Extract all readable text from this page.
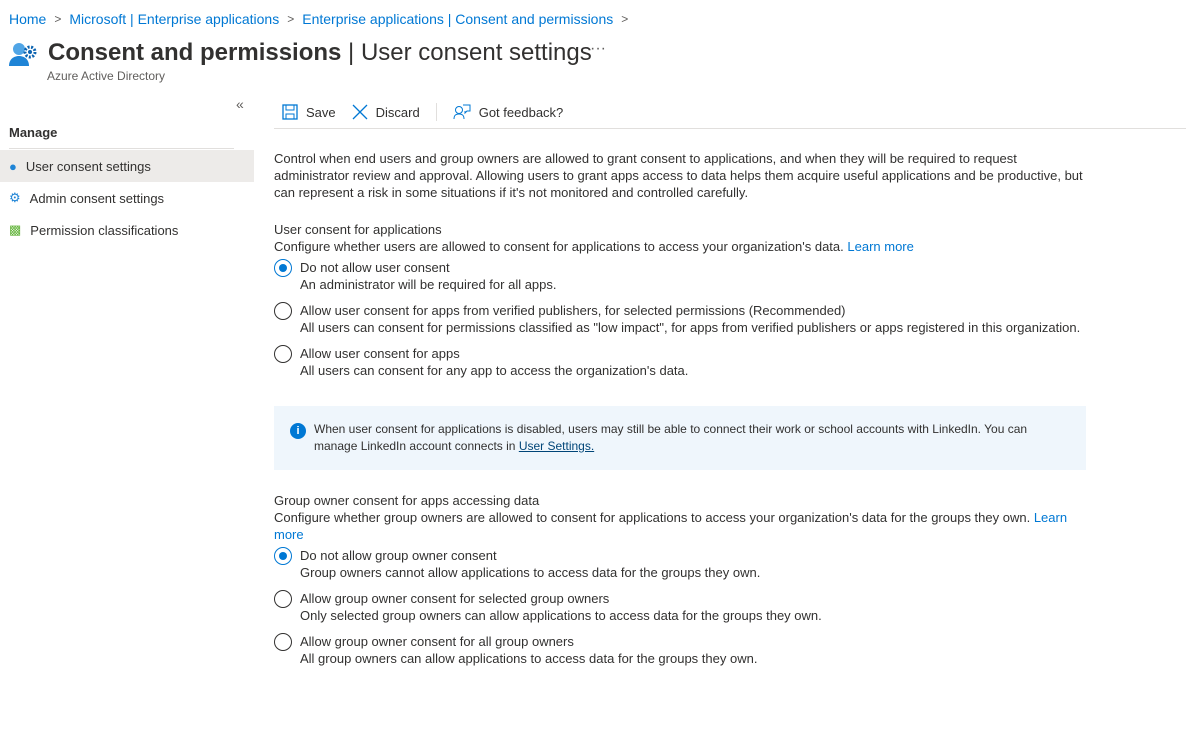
Home > Microsoft | Enterprise applications > Enterprise applications | Consent and permissions >
Consent and permissions | User consent settings
Azure Active Directory
···
«
Manage
● User consent settings
⚙ Admin consent settings
▩ Permission classifications
Save	Discard	Got feedback?

Control when end users and group owners are allowed to grant consent to applications, and when they will be required to request administrator review and approval. Allowing users to grant apps access to data helps them acquire useful applications and be productive, but can represent a risk in some situations if it's not monitored and controlled carefully.

User consent for applications

Configure whether users are allowed to consent for applications to access your organization's data. Learn more

Do not allow user consent

An administrator will be required for all apps.

Allow user consent for apps from verified publishers, for selected permissions (Recommended)

All users can consent for permissions classified as "low impact", for apps from verified publishers or apps registered in this organization.

Allow user consent for apps

All users can consent for any app to access the organization's data.

i	When user consent for applications is disabled, users may still be able to connect their work or school accounts with LinkedIn. You can manage LinkedIn account connects in User Settings.

Group owner consent for apps accessing data

Configure whether group owners are allowed to consent for applications to access your organization's data for the groups they own. Learn more

Do not allow group owner consent

Group owners cannot allow applications to access data for the groups they own.

Allow group owner consent for selected group owners

Only selected group owners can allow applications to access data for the groups they own.

Allow group owner consent for all group owners

All group owners can allow applications to access data for the groups they own.
